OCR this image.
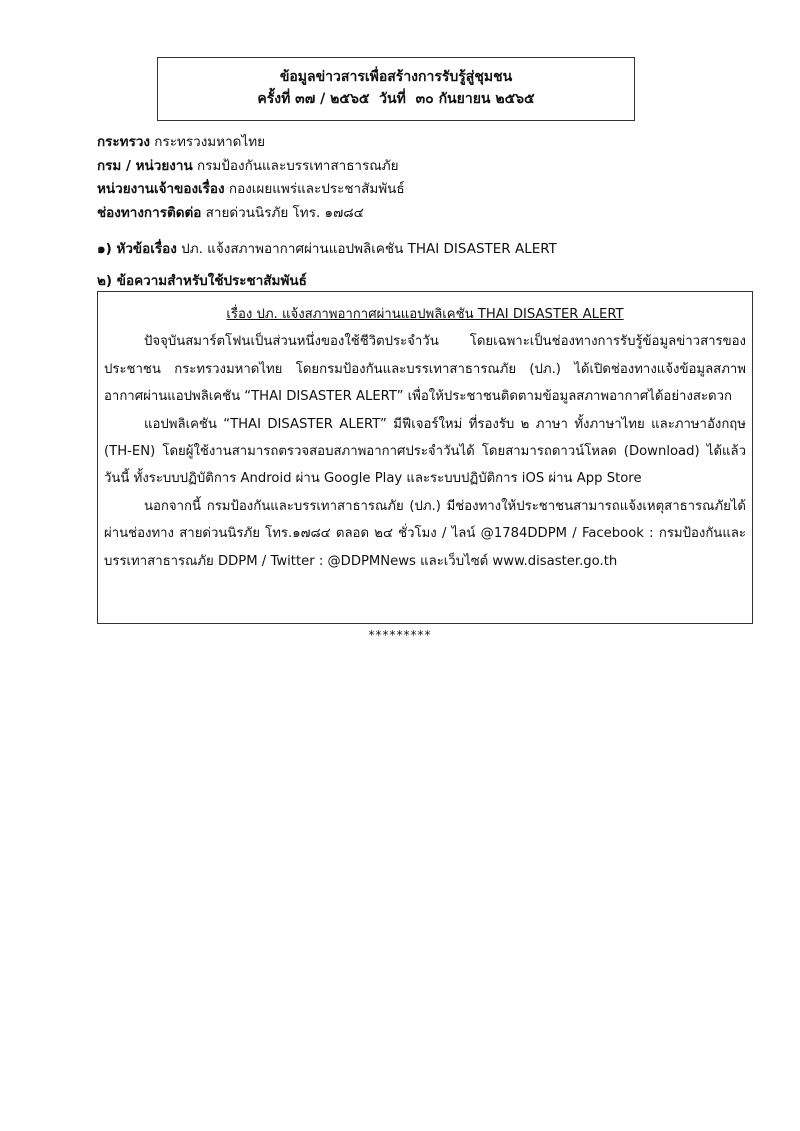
ข้อมูลข่าวสารเพื่อสร้างการรับรู้สู่ชุมชน
ครั้งที่ ๓๗ / ๒๕๖๕  วันที่  ๓๐ กันยายน ๒๕๖๕
กระทรวง กระทรวงมหาดไทย
กรม / หน่วยงาน กรมป้องกันและบรรเทาสาธารณภัย
หน่วยงานเจ้าของเรื่อง กองเผยแพร่และประชาสัมพันธ์
ช่องทางการติดต่อ สายด่วนนิรภัย โทร. ๑๗๘๔
๑) หัวข้อเรื่อง ปภ. แจ้งสภาพอากาศผ่านแอปพลิเคชัน THAI DISASTER ALERT
๒) ข้อความสำหรับใช้ประชาสัมพันธ์
เรื่อง ปภ. แจ้งสภาพอากาศผ่านแอปพลิเคชัน THAI DISASTER ALERT

ปัจจุบันสมาร์ตโฟนเป็นส่วนหนึ่งของใช้ชีวิตประจำวัน โดยเฉพาะเป็นช่องทางการรับรู้ข้อมูลข่าวสารของประชาชน กระทรวงมหาดไทย โดยกรมป้องกันและบรรเทาสาธารณภัย (ปภ.) ได้เปิดช่องทางแจ้งข้อมูลสภาพอากาศผ่านแอปพลิเคชัน “THAI DISASTER ALERT” เพื่อให้ประชาชนติดตามข้อมูลสภาพอากาศได้อย่างสะดวก

แอปพลิเคชัน “THAI DISASTER ALERT” มีฟีเจอร์ใหม่ ที่รองรับ ๒ ภาษา ทั้งภาษาไทย และภาษาอังกฤษ (TH-EN) โดยผู้ใช้งานสามารถตรวจสอบสภาพอากาศประจำวันได้ โดยสามารถดาวน์โหลด (Download) ได้แล้ววันนี้ ทั้งระบบปฏิบัติการ Android ผ่าน Google Play และระบบปฏิบัติการ iOS ผ่าน App Store

นอกจากนี้ กรมป้องกันและบรรเทาสาธารณภัย (ปภ.) มีช่องทางให้ประชาชนสามารถแจ้งเหตุสาธารณภัยได้ผ่านช่องทาง สายด่วนนิรภัย โทร.๑๗๘๔ ตลอด ๒๔ ชั่วโมง / ไลน์ @1784DDPM / Facebook : กรมป้องกันและบรรเทาสาธารณภัย DDPM / Twitter : @DDPMNews และเว็บไซต์ www.disaster.go.th

*********
